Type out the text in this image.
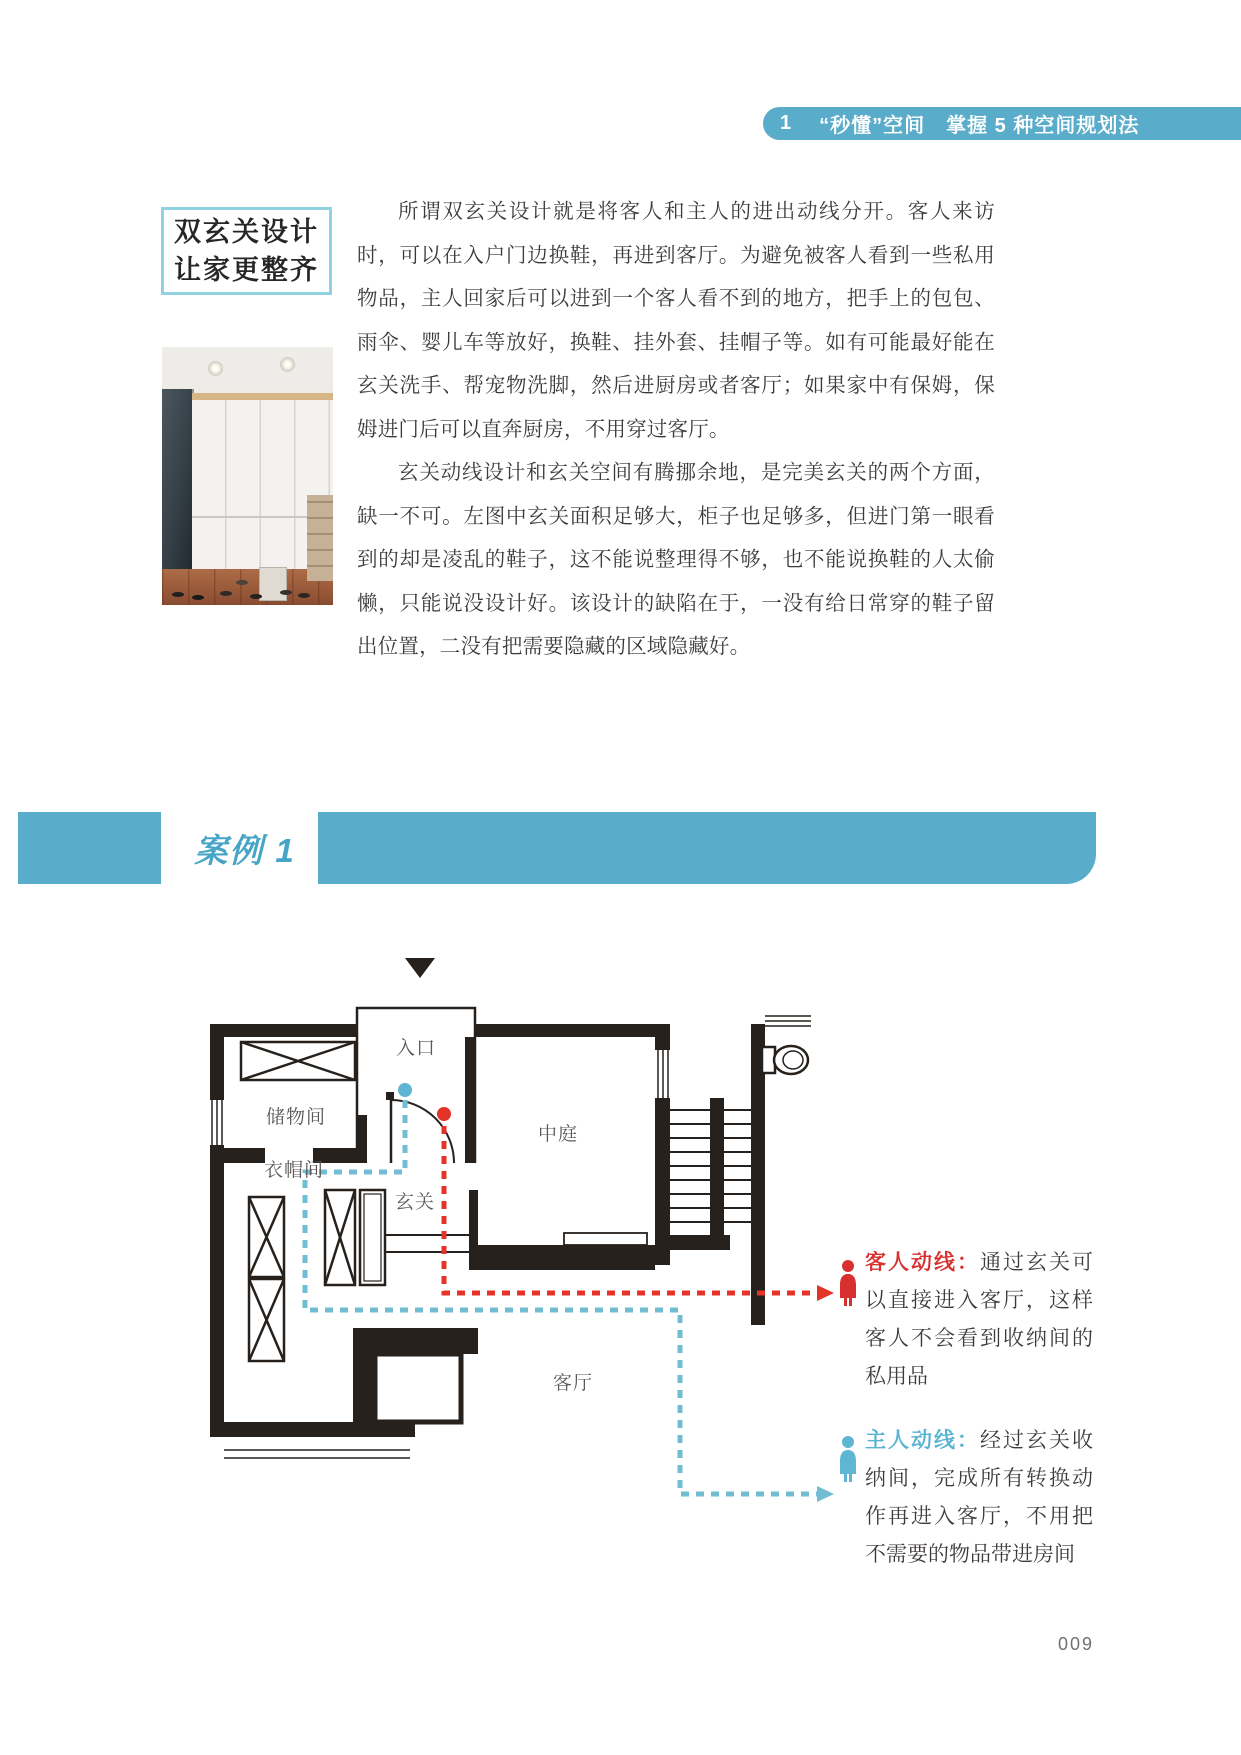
1 “秒懂”空间　掌握 5 种空间规划法
双玄关设计
让家更整齐

所谓双玄关设计就是将客人和主人的进出动线分开。客人来访时，可以在入户门边换鞋，再进到客厅。为避免被客人看到一些私用物品，主人回家后可以进到一个客人看不到的地方，把手上的包包、雨伞、婴儿车等放好，换鞋、挂外套、挂帽子等。如有可能最好能在玄关洗手、帮宠物洗脚，然后进厨房或者客厅；如果家中有保姆，保姆进门后可以直奔厨房，不用穿过客厅。

玄关动线设计和玄关空间有腾挪余地，是完美玄关的两个方面，缺一不可。左图中玄关面积足够大，柜子也足够多，但进门第一眼看到的却是凌乱的鞋子，这不能说整理得不够，也不能说换鞋的人太偷懒，只能说没设计好。该设计的缺陷在于，一没有给日常穿的鞋子留出位置，二没有把需要隐藏的区域隐藏好。

案例 1
入口
储物间
衣帽间
玄关
中庭
客厅
客人动线：通过玄关可以直接进入客厅，这样客人不会看到收纳间的私用品
主人动线：经过玄关收纳间，完成所有转换动作再进入客厅，不用把不需要的物品带进房间
009
